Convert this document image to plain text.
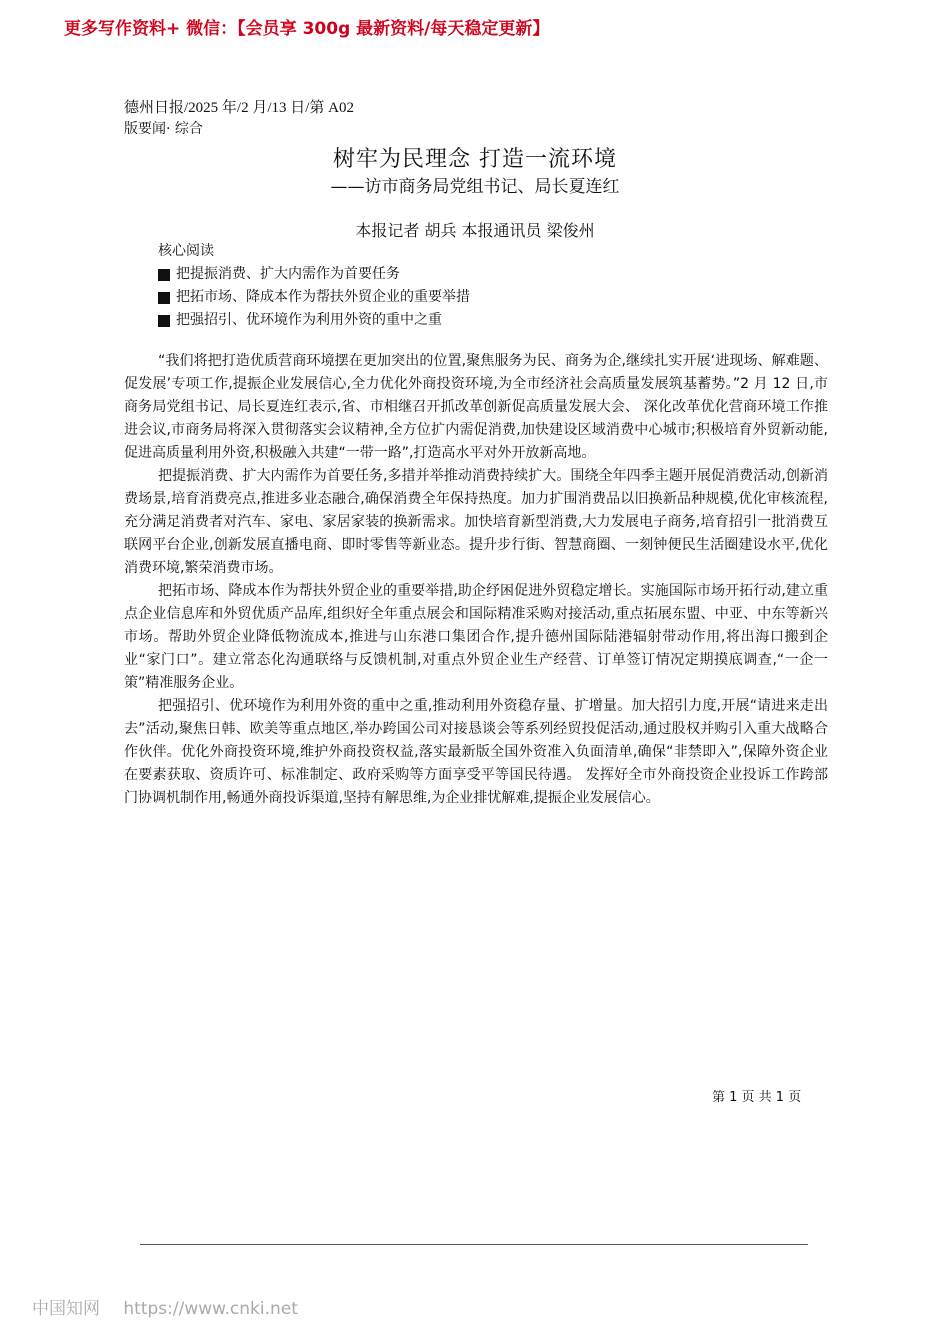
更多写作资料+ 微信：【会员享 300g 最新资料/每天稳定更新】
德州日报/2025 年/2 月/13 日/第 A02
版要闻· 综合
树牢为民理念 打造一流环境
——访市商务局党组书记、局长夏连红
本报记者 胡兵 本报通讯员 梁俊州
核心阅读
把提振消费、扩大内需作为首要任务
把拓市场、降成本作为帮扶外贸企业的重要举措
把强招引、优环境作为利用外资的重中之重

“我们将把打造优质营商环境摆在更加突出的位置,聚焦服务为民、商务为企,继续扎实开展‘进现场、解难题、促发展’专项工作,提振企业发展信心,全力优化外商投资环境,为全市经济社会高质量发展筑基蓄势。”2 月 12 日,市商务局党组书记、局长夏连红表示,省、市相继召开抓改革创新促高质量发展大会、 深化改革优化营商环境工作推进会议,市商务局将深入贯彻落实会议精神,全方位扩内需促消费,加快建设区域消费中心城市;积极培育外贸新动能,促进高质量利用外资,积极融入共建“一带一路”,打造高水平对外开放新高地。

把提振消费、扩大内需作为首要任务,多措并举推动消费持续扩大。围绕全年四季主题开展促消费活动,创新消费场景,培育消费亮点,推进多业态融合,确保消费全年保持热度。加力扩围消费品以旧换新品种规模,优化审核流程,充分满足消费者对汽车、家电、家居家装的换新需求。加快培育新型消费,大力发展电子商务,培育招引一批消费互联网平台企业,创新发展直播电商、即时零售等新业态。提升步行街、智慧商圈、一刻钟便民生活圈建设水平,优化消费环境,繁荣消费市场。

把拓市场、降成本作为帮扶外贸企业的重要举措,助企纾困促进外贸稳定增长。实施国际市场开拓行动,建立重点企业信息库和外贸优质产品库,组织好全年重点展会和国际精准采购对接活动,重点拓展东盟、中亚、中东等新兴市场。帮助外贸企业降低物流成本,推进与山东港口集团合作,提升德州国际陆港辐射带动作用,将出海口搬到企业“家门口”。建立常态化沟通联络与反馈机制,对重点外贸企业生产经营、订单签订情况定期摸底调查,“一企一策”精准服务企业。

把强招引、优环境作为利用外资的重中之重,推动利用外资稳存量、扩增量。加大招引力度,开展“请进来走出去”活动,聚焦日韩、欧美等重点地区,举办跨国公司对接恳谈会等系列经贸投促活动,通过股权并购引入重大战略合作伙伴。优化外商投资环境,维护外商投资权益,落实最新版全国外资准入负面清单,确保“非禁即入”,保障外资企业在要素获取、资质许可、标准制定、政府采购等方面享受平等国民待遇。 发挥好全市外商投资企业投诉工作跨部门协调机制作用,畅通外商投诉渠道,坚持有解思维,为企业排忧解难,提振企业发展信心。

第 1 页 共 1 页
中国知网 https://www.cnki.net
